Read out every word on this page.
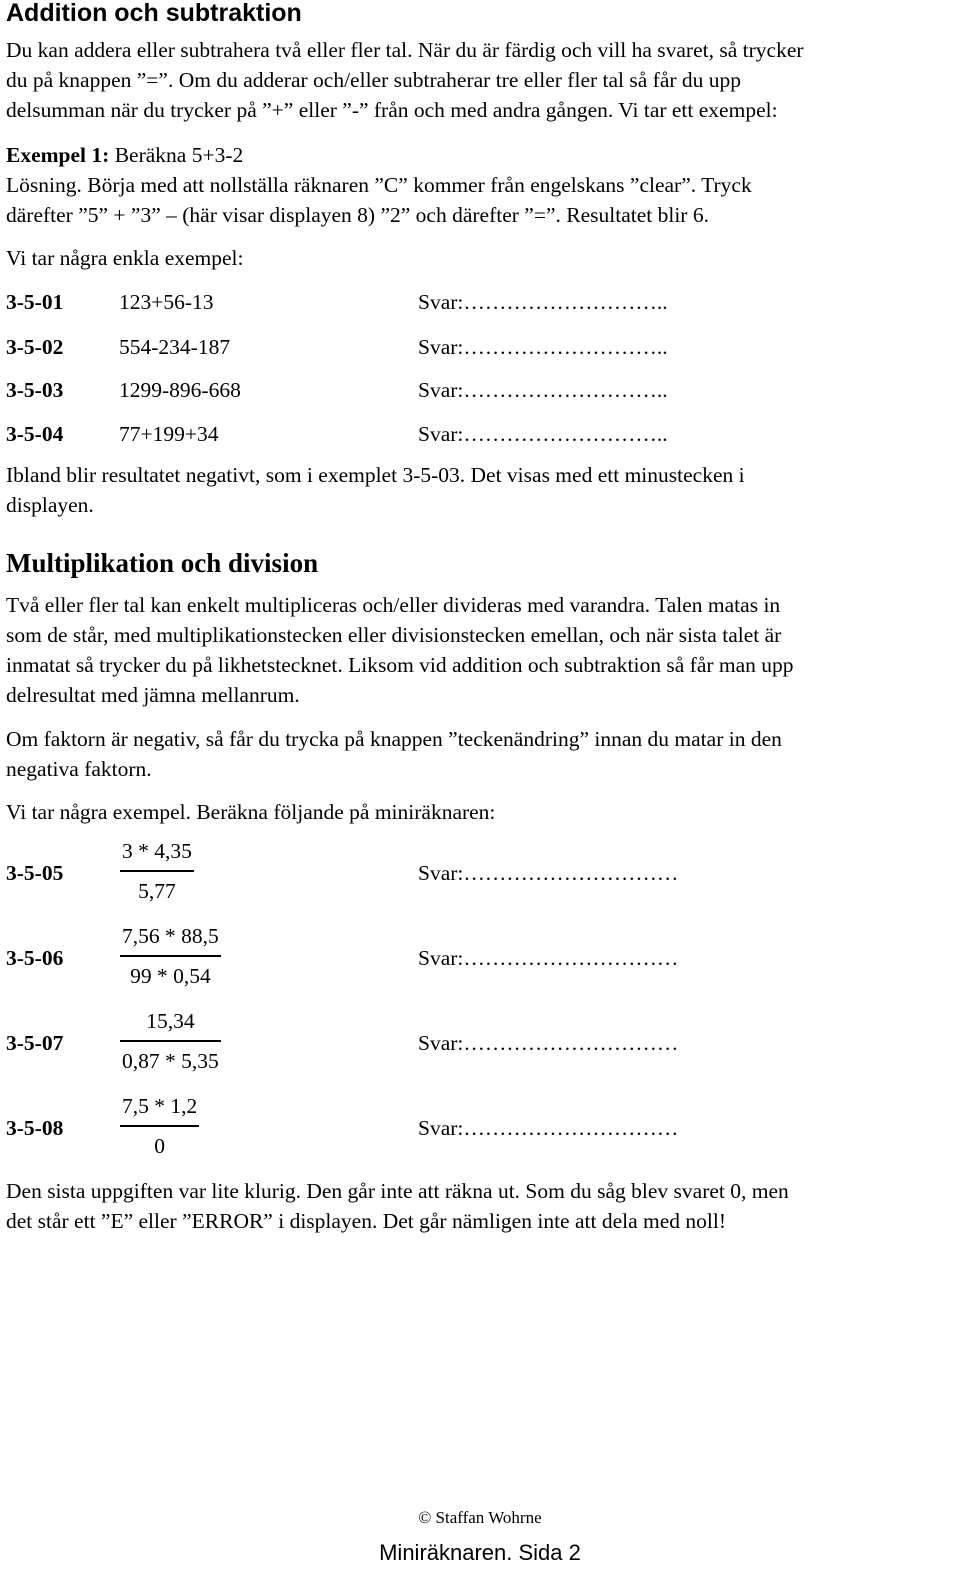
Addition och subtraktion

Du kan addera eller subtrahera två eller fler tal. När du är färdig och vill ha svaret, så trycker
du på knappen ”=”. Om du adderar och/eller subtraherar tre eller fler tal så får du upp
delsumman när du trycker på ”+” eller ”-” från och med andra gången. Vi tar ett exempel:

Exempel 1: Beräkna 5+3-2

Lösning. Börja med att nollställa räknaren ”C” kommer från engelskans ”clear”. Tryck
därefter ”5” + ”3” – (här visar displayen 8) ”2” och därefter ”=”. Resultatet blir 6.

Vi tar några enkla exempel:

3-5-01	123+56-13	Svar:………………………..
3-5-02	554-234-187	Svar:………………………..
3-5-03	1299-896-668	Svar:………………………..
3-5-04	77+199+34	Svar:………………………..

Ibland blir resultatet negativt, som i exemplet 3-5-03. Det visas med ett minustecken i
displayen.

Multiplikation och division

Två eller fler tal kan enkelt multipliceras och/eller divideras med varandra. Talen matas in
som de står, med multiplikationstecken eller divisionstecken emellan, och när sista talet är
inmatat så trycker du på likhetstecknet. Liksom vid addition och subtraktion så får man upp
delresultat med jämna mellanrum.

Om faktorn är negativ, så får du trycka på knappen ”teckenändring” innan du matar in den
negativa faktorn.

Vi tar några exempel. Beräkna följande på miniräknaren:

3-5-05
3 * 4,35
5,77
Svar:…………………………
3-5-06
7,56 * 88,5
99 * 0,54
Svar:…………………………
3-5-07
15,34
0,87 * 5,35
Svar:…………………………
3-5-08
7,5 * 1,2
0
Svar:…………………………

Den sista uppgiften var lite klurig. Den går inte att räkna ut. Som du såg blev svaret 0, men
det står ett ”E” eller ”ERROR” i displayen. Det går nämligen inte att dela med noll!

© Staffan Wohrne
Miniräknaren. Sida 2
